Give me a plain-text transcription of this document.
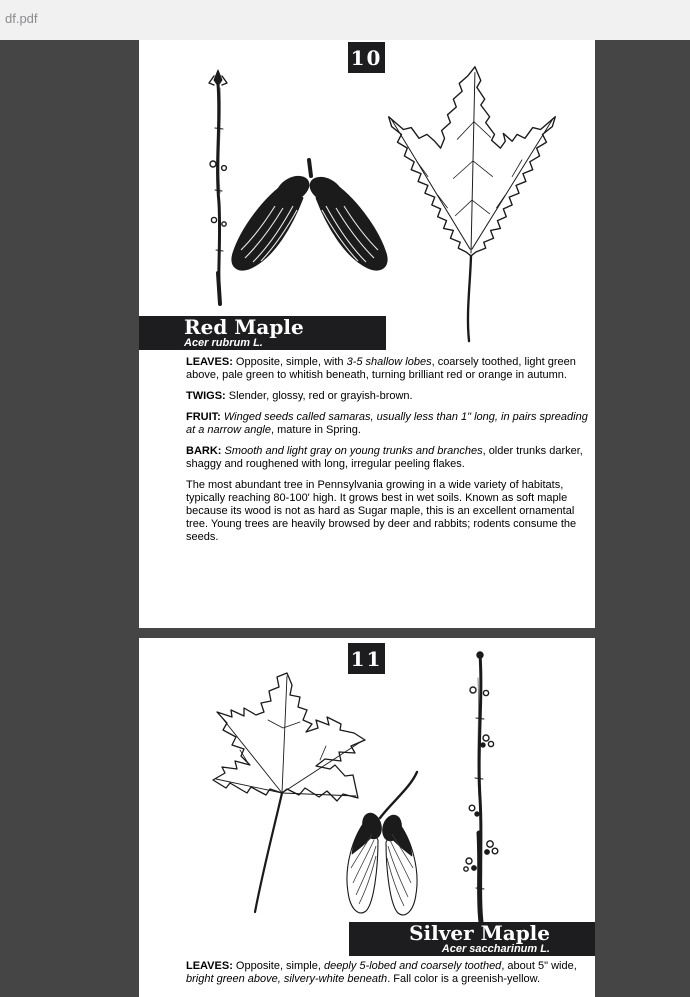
df.pdf
10
Red Maple
Acer rubrum L.

LEAVES: Opposite, simple, with 3-5 shallow lobes, coarsely toothed, light green above, pale green to whitish beneath, turning brilliant red or orange in autumn.

TWIGS: Slender, glossy, red or grayish-brown.

FRUIT: Winged seeds called samaras, usually less than 1" long, in pairs spreading at a narrow angle, mature in Spring.

BARK: Smooth and light gray on young trunks and branches, older trunks darker, shaggy and roughened with long, irregular peeling flakes.

The most abundant tree in Pennsylvania growing in a wide variety of habitats, typically reaching 80-100' high. It grows best in wet soils. Known as soft maple because its wood is not as hard as Sugar maple, this is an excellent ornamental tree. Young trees are heavily browsed by deer and rabbits; rodents consume the seeds.

11
Silver Maple
Acer saccharinum L.

LEAVES: Opposite, simple, deeply 5-lobed and coarsely toothed, about 5" wide, bright green above, silvery-white beneath. Fall color is a greenish-yellow.
